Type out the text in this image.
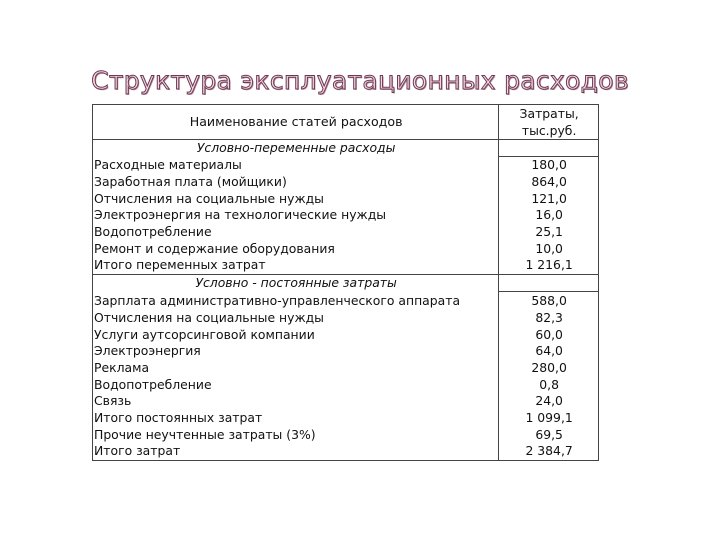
Структура эксплуатационных расходов
Наименование статей расходов	Затраты, тыс.руб.
Условно-переменные расходы	
Расходные материалы	180,0
Заработная плата (мойщики)	864,0
Отчисления на социальные нужды	121,0
Электроэнергия на технологические нужды	16,0
Водопотребление	25,1
Ремонт и содержание оборудования	10,0
Итого переменных затрат	1 216,1
Условно - постоянные затраты	
Зарплата административно-управленческого аппарата	588,0
Отчисления на социальные нужды	82,3
Услуги аутсорсинговой компании	60,0
Электроэнергия	64,0
Реклама	280,0
Водопотребление	0,8
Связь	24,0
Итого постоянных затрат	1 099,1
Прочие неучтенные затраты (3%)	69,5
Итого затрат	2 384,7
